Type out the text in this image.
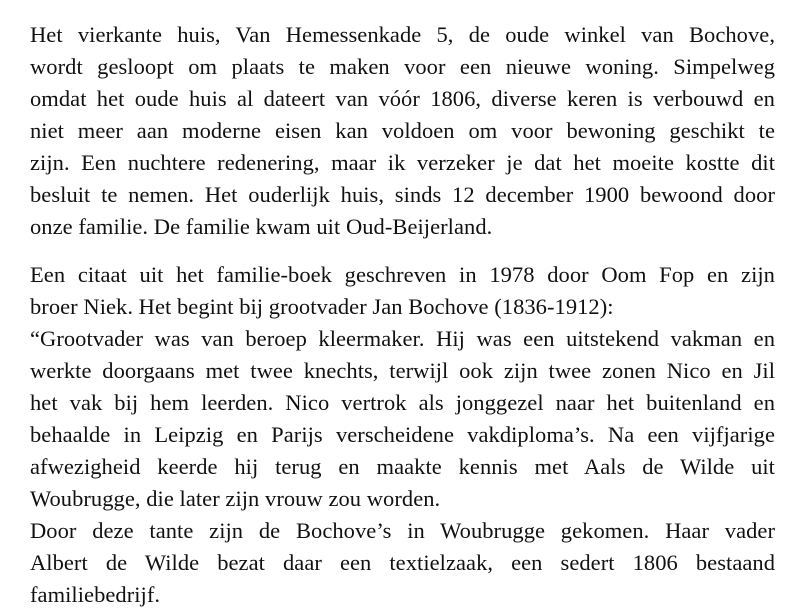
Het vierkante huis, Van Hemessenkade 5, de oude winkel van Bochove,
wordt gesloopt om plaats te maken voor een nieuwe woning. Simpelweg
omdat het oude huis al dateert van vóór 1806, diverse keren is verbouwd en
niet meer aan moderne eisen kan voldoen om voor bewoning geschikt te
zijn. Een nuchtere redenering, maar ik verzeker je dat het moeite kostte dit
besluit te nemen. Het ouderlijk huis, sinds 12 december 1900 bewoond door
onze familie. De familie kwam uit Oud-Beijerland.
Een citaat uit het familie-boek geschreven in 1978 door Oom Fop en zijn
broer Niek. Het begint bij grootvader Jan Bochove (1836-1912):
“Grootvader was van beroep kleermaker. Hij was een uitstekend vakman en
werkte doorgaans met twee knechts, terwijl ook zijn twee zonen Nico en Jil
het vak bij hem leerden. Nico vertrok als jonggezel naar het buitenland en
behaalde in Leipzig en Parijs verscheidene vakdiploma’s. Na een vijfjarige
afwezigheid keerde hij terug en maakte kennis met Aals de Wilde uit
Woubrugge, die later zijn vrouw zou worden.
Door deze tante zijn de Bochove’s in Woubrugge gekomen. Haar vader
Albert de Wilde bezat daar een textielzaak, een sedert 1806 bestaand
familiebedrijf.
